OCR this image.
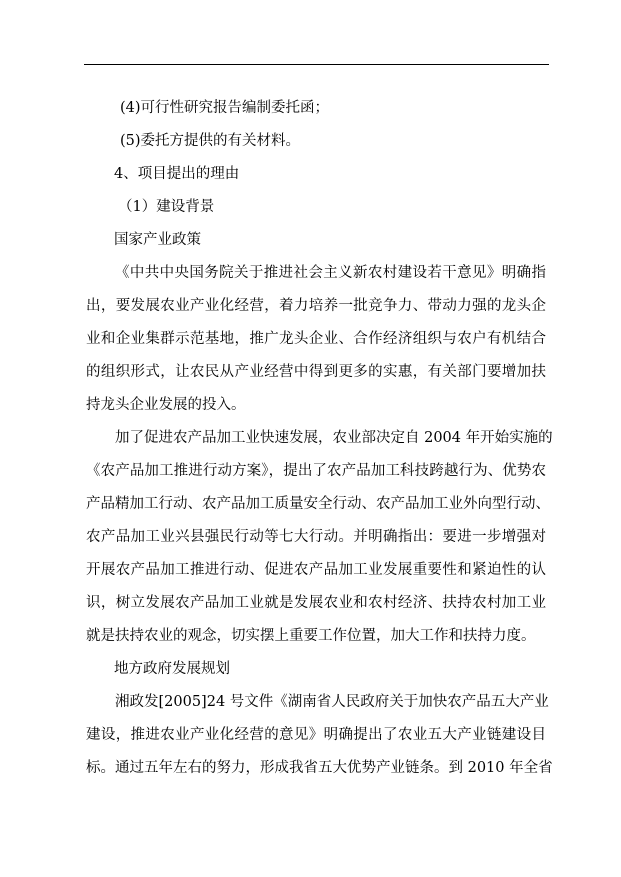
(4)可行性研究报告编制委托函；

(5)委托方提供的有关材料。

4、项目提出的理由

（1）建设背景

国家产业政策

《中共中央国务院关于推进社会主义新农村建设若干意见》明确指

出，要发展农业产业化经营，着力培养一批竞争力、带动力强的龙头企

业和企业集群示范基地，推广龙头企业、合作经济组织与农户有机结合

的组织形式，让农民从产业经营中得到更多的实惠，有关部门要增加扶

持龙头企业发展的投入。

加了促进农产品加工业快速发展，农业部决定自 2004 年开始实施的

《农产品加工推进行动方案》，提出了农产品加工科技跨越行为、优势农

产品精加工行动、农产品加工质量安全行动、农产品加工业外向型行动、

农产品加工业兴县强民行动等七大行动。并明确指出：要进一步增强对

开展农产品加工推进行动、促进农产品加工业发展重要性和紧迫性的认

识，树立发展农产品加工业就是发展农业和农村经济、扶持农村加工业

就是扶持农业的观念，切实摆上重要工作位置，加大工作和扶持力度。

地方政府发展规划

湘政发[2005]24 号文件《湖南省人民政府关于加快农产品五大产业

建设，推进农业产业化经营的意见》明确提出了农业五大产业链建设目

标。通过五年左右的努力，形成我省五大优势产业链条。到 2010 年全省
